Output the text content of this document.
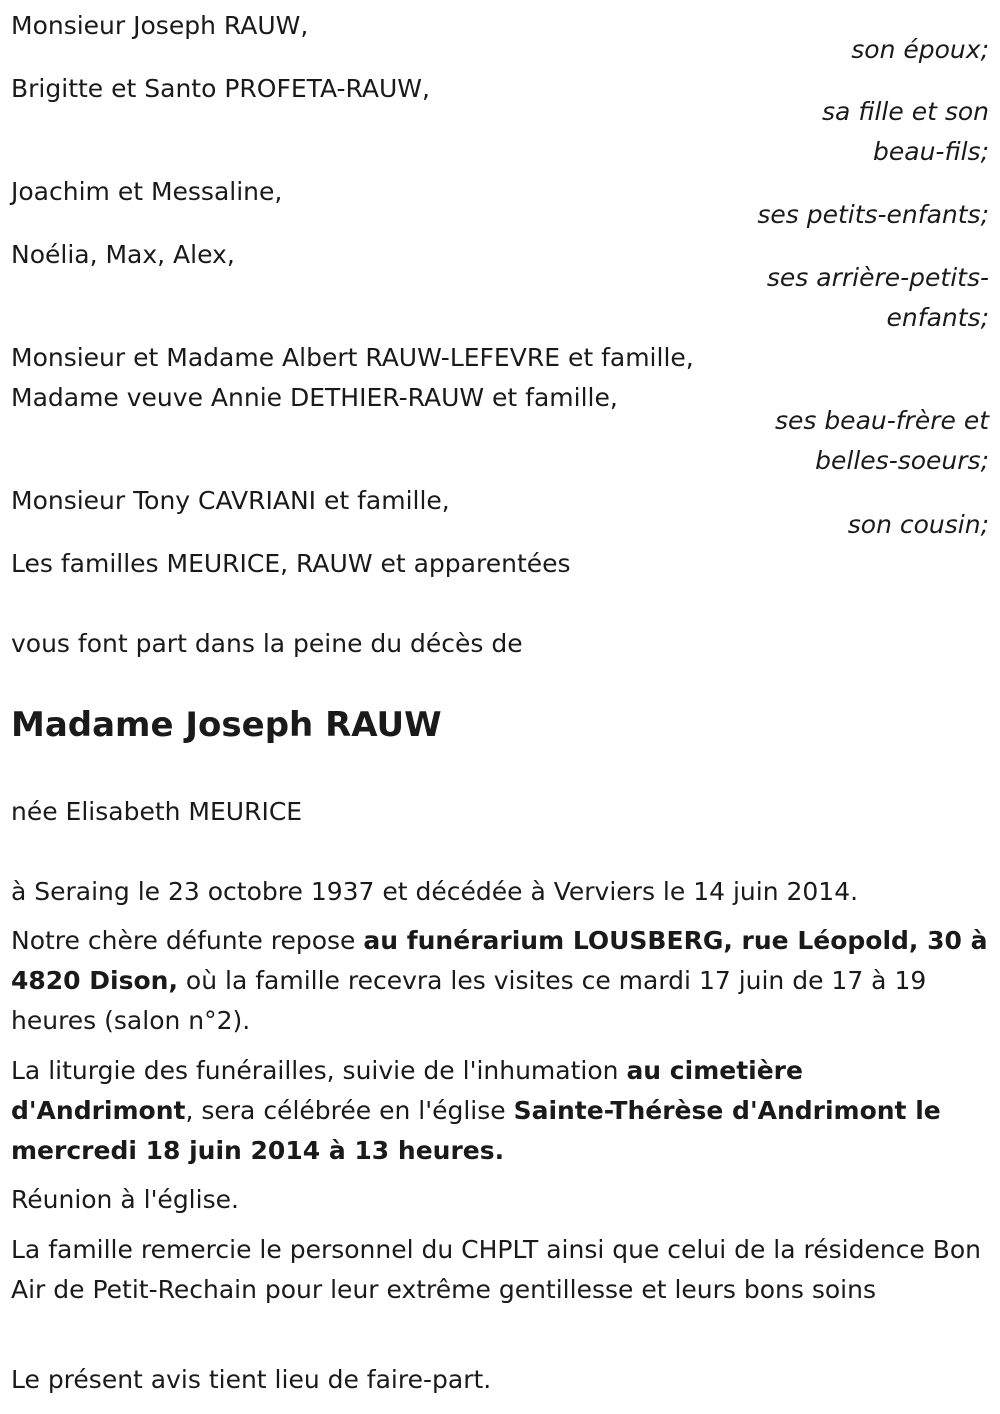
Monsieur Joseph RAUW,
son époux;
Brigitte et Santo PROFETA-RAUW,
sa fille et son
beau-fils;
Joachim et Messaline,
ses petits-enfants;
Noélia, Max, Alex,
ses arrière-petits-
enfants;
Monsieur et Madame Albert RAUW-LEFEVRE et famille,
Madame veuve Annie DETHIER-RAUW et famille,
ses beau-frère et
belles-soeurs;
Monsieur Tony CAVRIANI et famille,
son cousin;
Les familles MEURICE, RAUW et apparentées
vous font part dans la peine du décès de
Madame Joseph RAUW
née Elisabeth MEURICE
à Seraing le 23 octobre 1937 et décédée à Verviers le 14 juin 2014.
Notre chère défunte repose au funérarium LOUSBERG, rue Léopold, 30 à 4820 Dison, où la famille recevra les visites ce mardi 17 juin de 17 à 19 heures (salon n°2).
La liturgie des funérailles, suivie de l'inhumation au cimetière d'Andrimont, sera célébrée en l'église Sainte-Thérèse d'Andrimont le mercredi 18 juin 2014 à 13 heures.
Réunion à l'église.
La famille remercie le personnel du CHPLT ainsi que celui de la résidence Bon Air de Petit-Rechain pour leur extrême gentillesse et leurs bons soins
Le présent avis tient lieu de faire-part.
